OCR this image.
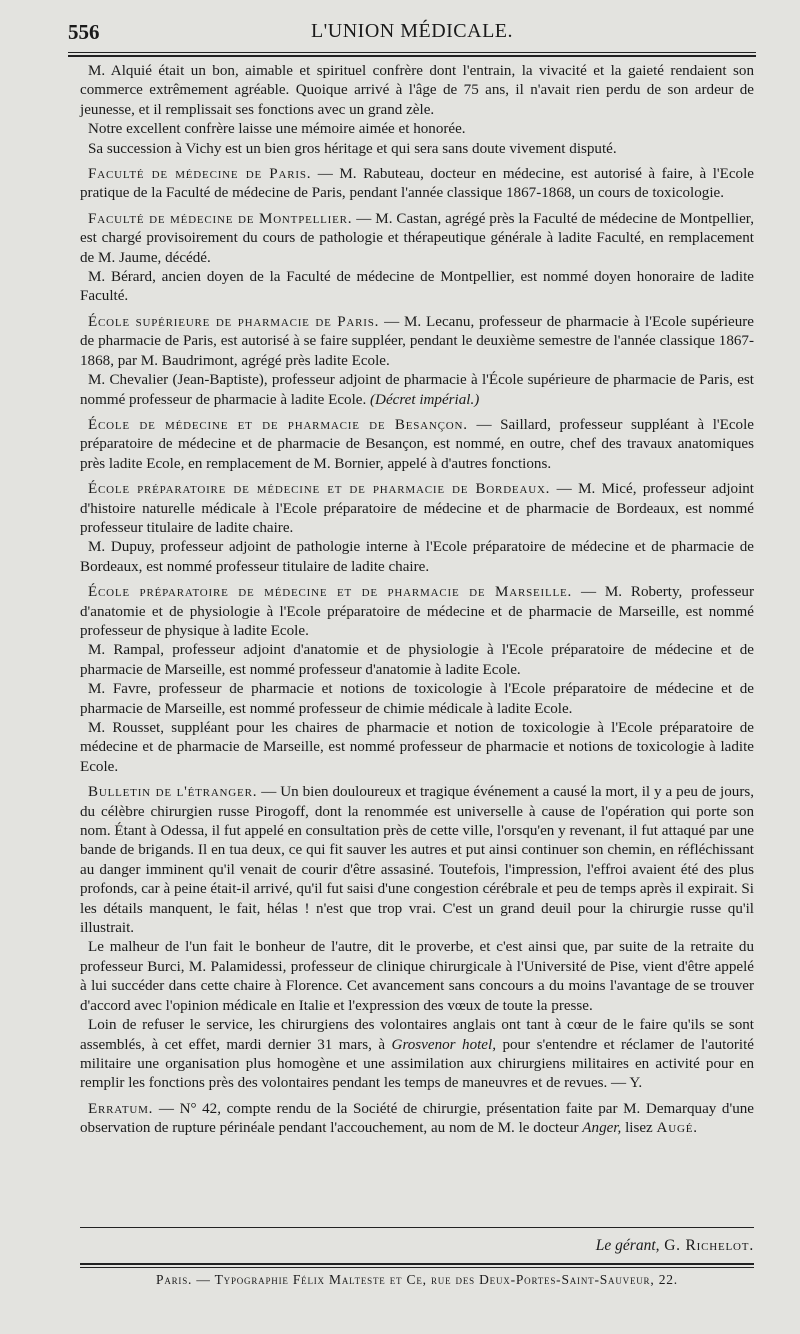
556	L'UNION MÉDICALE.

M. Alquié était un bon, aimable et spirituel confrère dont l'entrain, la vivacité et la gaieté rendaient son commerce extrêmement agréable. Quoique arrivé à l'âge de 75 ans, il n'avait rien perdu de son ardeur de jeunesse, et il remplissait ses fonctions avec un grand zèle.

Notre excellent confrère laisse une mémoire aimée et honorée.

Sa succession à Vichy est un bien gros héritage et qui sera sans doute vivement disputé.

Faculté de médecine de Paris. — M. Rabuteau, docteur en médecine, est autorisé à faire, à l'Ecole pratique de la Faculté de médecine de Paris, pendant l'année classique 1867-1868, un cours de toxicologie.

Faculté de médecine de Montpellier. — M. Castan, agrégé près la Faculté de médecine de Montpellier, est chargé provisoirement du cours de pathologie et thérapeutique générale à ladite Faculté, en remplacement de M. Jaume, décédé.

M. Bérard, ancien doyen de la Faculté de médecine de Montpellier, est nommé doyen honoraire de ladite Faculté.

École supérieure de pharmacie de Paris. — M. Lecanu, professeur de pharmacie à l'Ecole supérieure de pharmacie de Paris, est autorisé à se faire suppléer, pendant le deuxième semestre de l'année classique 1867-1868, par M. Baudrimont, agrégé près ladite Ecole.

M. Chevalier (Jean-Baptiste), professeur adjoint de pharmacie à l'École supérieure de pharmacie de Paris, est nommé professeur de pharmacie à ladite Ecole. (Décret impérial.)

École de médecine et de pharmacie de Besançon. — Saillard, professeur suppléant à l'Ecole préparatoire de médecine et de pharmacie de Besançon, est nommé, en outre, chef des travaux anatomiques près ladite Ecole, en remplacement de M. Bornier, appelé à d'autres fonctions.

École préparatoire de médecine et de pharmacie de Bordeaux. — M. Micé, professeur adjoint d'histoire naturelle médicale à l'Ecole préparatoire de médecine et de pharmacie de Bordeaux, est nommé professeur titulaire de ladite chaire.

M. Dupuy, professeur adjoint de pathologie interne à l'Ecole préparatoire de médecine et de pharmacie de Bordeaux, est nommé professeur titulaire de ladite chaire.

École préparatoire de médecine et de pharmacie de Marseille. — M. Roberty, professeur d'anatomie et de physiologie à l'Ecole préparatoire de médecine et de pharmacie de Marseille, est nommé professeur de physique à ladite Ecole.

M. Rampal, professeur adjoint d'anatomie et de physiologie à l'Ecole préparatoire de médecine et de pharmacie de Marseille, est nommé professeur d'anatomie à ladite Ecole.

M. Favre, professeur de pharmacie et notions de toxicologie à l'Ecole préparatoire de médecine et de pharmacie de Marseille, est nommé professeur de chimie médicale à ladite Ecole.

M. Rousset, suppléant pour les chaires de pharmacie et notion de toxicologie à l'Ecole préparatoire de médecine et de pharmacie de Marseille, est nommé professeur de pharmacie et notions de toxicologie à ladite Ecole.

Bulletin de l'étranger. — Un bien douloureux et tragique événement a causé la mort, il y a peu de jours, du célèbre chirurgien russe Pirogoff, dont la renommée est universelle à cause de l'opération qui porte son nom. Étant à Odessa, il fut appelé en consultation près de cette ville, l'orsqu'en y revenant, il fut attaqué par une bande de brigands. Il en tua deux, ce qui fit sauver les autres et put ainsi continuer son chemin, en réfléchissant au danger imminent qu'il venait de courir d'être assasiné. Toutefois, l'impression, l'effroi avaient été des plus profonds, car à peine était-il arrivé, qu'il fut saisi d'une congestion cérébrale et peu de temps après il expirait. Si les détails manquent, le fait, hélas ! n'est que trop vrai. C'est un grand deuil pour la chirurgie russe qu'il illustrait.

Le malheur de l'un fait le bonheur de l'autre, dit le proverbe, et c'est ainsi que, par suite de la retraite du professeur Burci, M. Palamidessi, professeur de clinique chirurgicale à l'Université de Pise, vient d'être appelé à lui succéder dans cette chaire à Florence. Cet avancement sans concours a du moins l'avantage de se trouver d'accord avec l'opinion médicale en Italie et l'expression des vœux de toute la presse.

Loin de refuser le service, les chirurgiens des volontaires anglais ont tant à cœur de le faire qu'ils se sont assemblés, à cet effet, mardi dernier 31 mars, à Grosvenor hotel, pour s'entendre et réclamer de l'autorité militaire une organisation plus homogène et une assimilation aux chirurgiens militaires en activité pour en remplir les fonctions près des volontaires pendant les temps de maneuvres et de revues. — Y.

Erratum. — N° 42, compte rendu de la Société de chirurgie, présentation faite par M. Demarquay d'une observation de rupture périnéale pendant l'accouchement, au nom de M. le docteur Anger, lisez Augé.

Le gérant, G. Richelot.
Paris. — Typographie Félix Malteste et Ce, rue des Deux-Portes-Saint-Sauveur, 22.
